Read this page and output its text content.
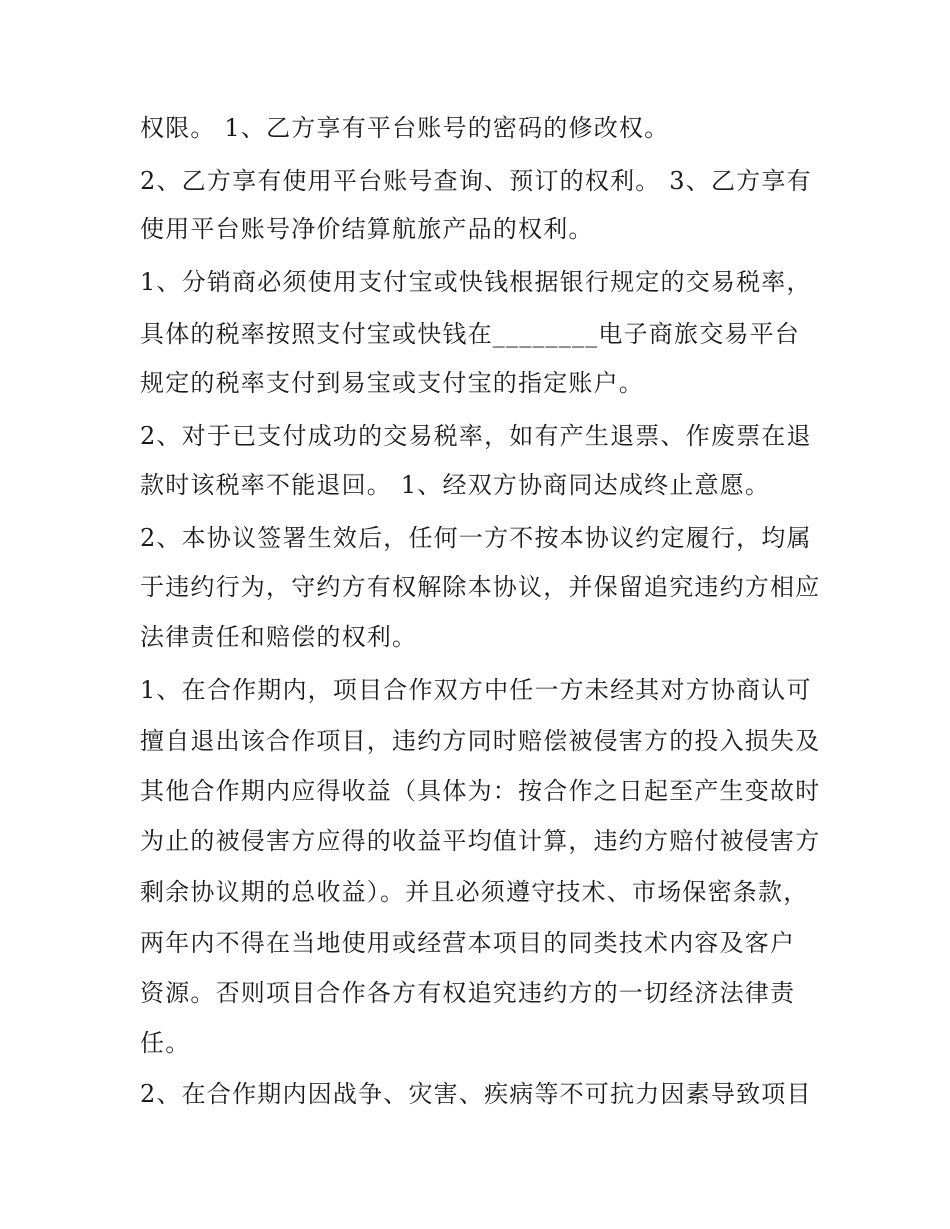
权限。 1、乙方享有平台账号的密码的修改权。
2、乙方享有使用平台账号查询、预订的权利。 3、乙方享有
使用平台账号净价结算航旅产品的权利。
1、分销商必须使用支付宝或快钱根据银行规定的交易税率，
具体的税率按照支付宝或快钱在________电子商旅交易平台
规定的税率支付到易宝或支付宝的指定账户。
2、对于已支付成功的交易税率，如有产生退票、作废票在退
款时该税率不能退回。 1、经双方协商同达成终止意愿。
2、本协议签署生效后，任何一方不按本协议约定履行，均属
于违约行为，守约方有权解除本协议，并保留追究违约方相应
法律责任和赔偿的权利。
1、在合作期内，项目合作双方中任一方未经其对方协商认可
擅自退出该合作项目，违约方同时赔偿被侵害方的投入损失及
其他合作期内应得收益（具体为：按合作之日起至产生变故时
为止的被侵害方应得的收益平均值计算，违约方赔付被侵害方
剩余协议期的总收益）。并且必须遵守技术、市场保密条款，
两年内不得在当地使用或经营本项目的同类技术内容及客户
资源。否则项目合作各方有权追究违约方的一切经济法律责
任。
2、在合作期内因战争、灾害、疾病等不可抗力因素导致项目
